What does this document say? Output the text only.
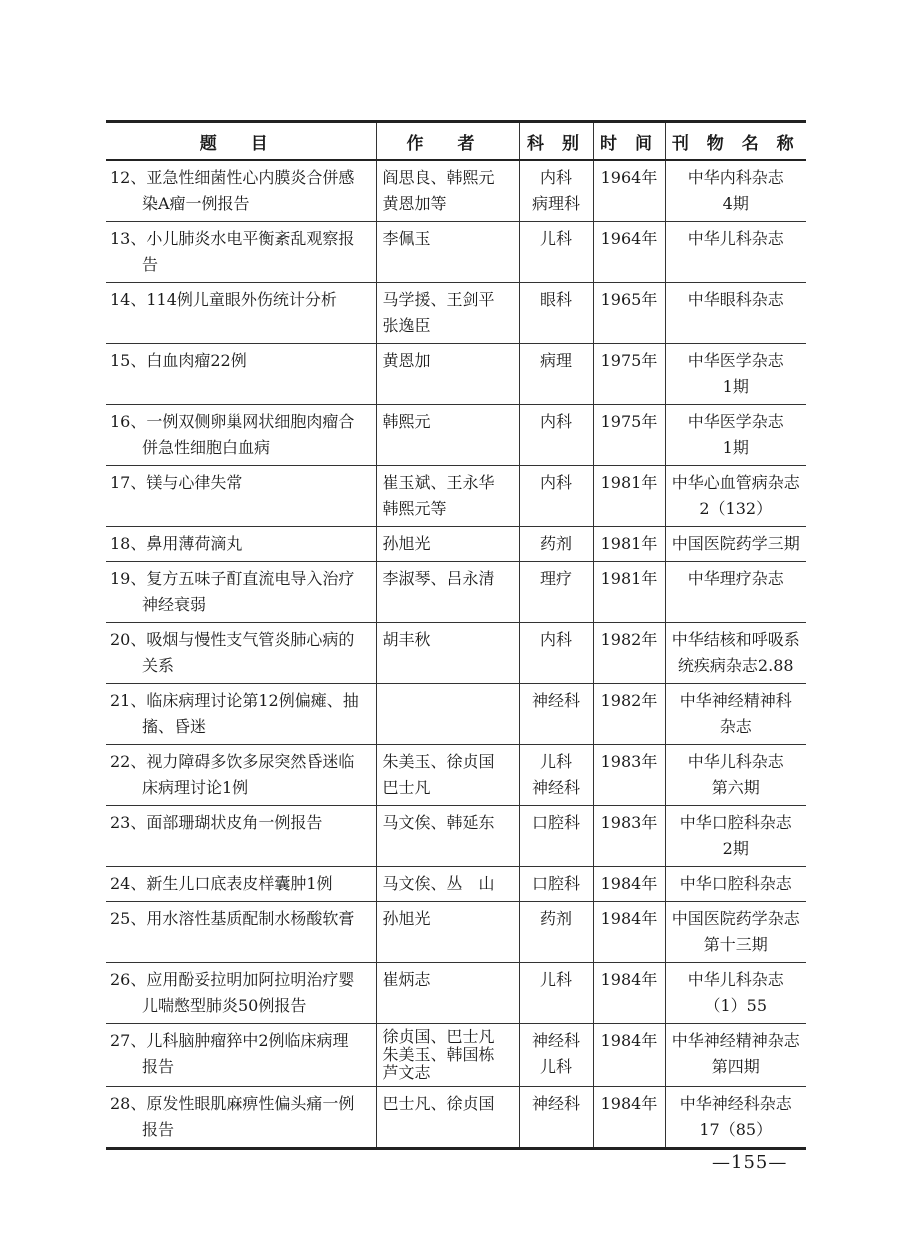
题 目	作 者	科 别	时 间	刊 物 名 称

12、亚急性细菌性心内膜炎合併感
染A瘤一例报告	阎思良、韩熙元
黄恩加等	内科
病理科	1964年	中华内科杂志
4期

13、小儿肺炎水电平衡紊乱观察报
告	李佩玉	儿科	1964年	中华儿科杂志

14、114例儿童眼外伤统计分析	马学援、王剑平
张逸臣	眼科	1965年	中华眼科杂志

15、白血肉瘤22例	黄恩加	病理	1975年	中华医学杂志
1期

16、一例双侧卵巢网状细胞肉瘤合
併急性细胞白血病	韩熙元	内科	1975年	中华医学杂志
1期

17、镁与心律失常	崔玉斌、王永华
韩熙元等	内科	1981年	中华心血管病杂志
2（132）

18、鼻用薄荷滴丸	孙旭光	药剂	1981年	中国医院药学三期

19、复方五味子酊直流电导入治疗
神经衰弱	李淑琴、吕永清	理疗	1981年	中华理疗杂志

20、吸烟与慢性支气管炎肺心病的
关系	胡丰秋	内科	1982年	中华结核和呼吸系
统疾病杂志2.88

21、临床病理讨论第12例偏瘫、抽
搐、昏迷		神经科	1982年	中华神经精神科
杂志

22、视力障碍多饮多尿突然昏迷临
床病理讨论1例	朱美玉、徐贞国
巴士凡	儿科
神经科	1983年	中华儿科杂志
第六期

23、面部珊瑚状皮角一例报告	马文俟、韩延东	口腔科	1983年	中华口腔科杂志
2期

24、新生儿口底表皮样囊肿1例	马文俟、丛　山	口腔科	1984年	中华口腔科杂志

25、用水溶性基质配制水杨酸软膏	孙旭光	药剂	1984年	中国医院药学杂志
第十三期

26、应用酚妥拉明加阿拉明治疗婴
儿喘憋型肺炎50例报告	崔炳志	儿科	1984年	中华儿科杂志
（1）55

27、儿科脑肿瘤猝中2例临床病理
报告	徐贞国、巴士凡
朱美玉、韩国栋
芦文志	神经科
儿科	1984年	中华神经精神杂志
第四期

28、原发性眼肌麻痹性偏头痛一例
报告	巴士凡、徐贞国	神经科	1984年	中华神经科杂志
17（85）
—155—
